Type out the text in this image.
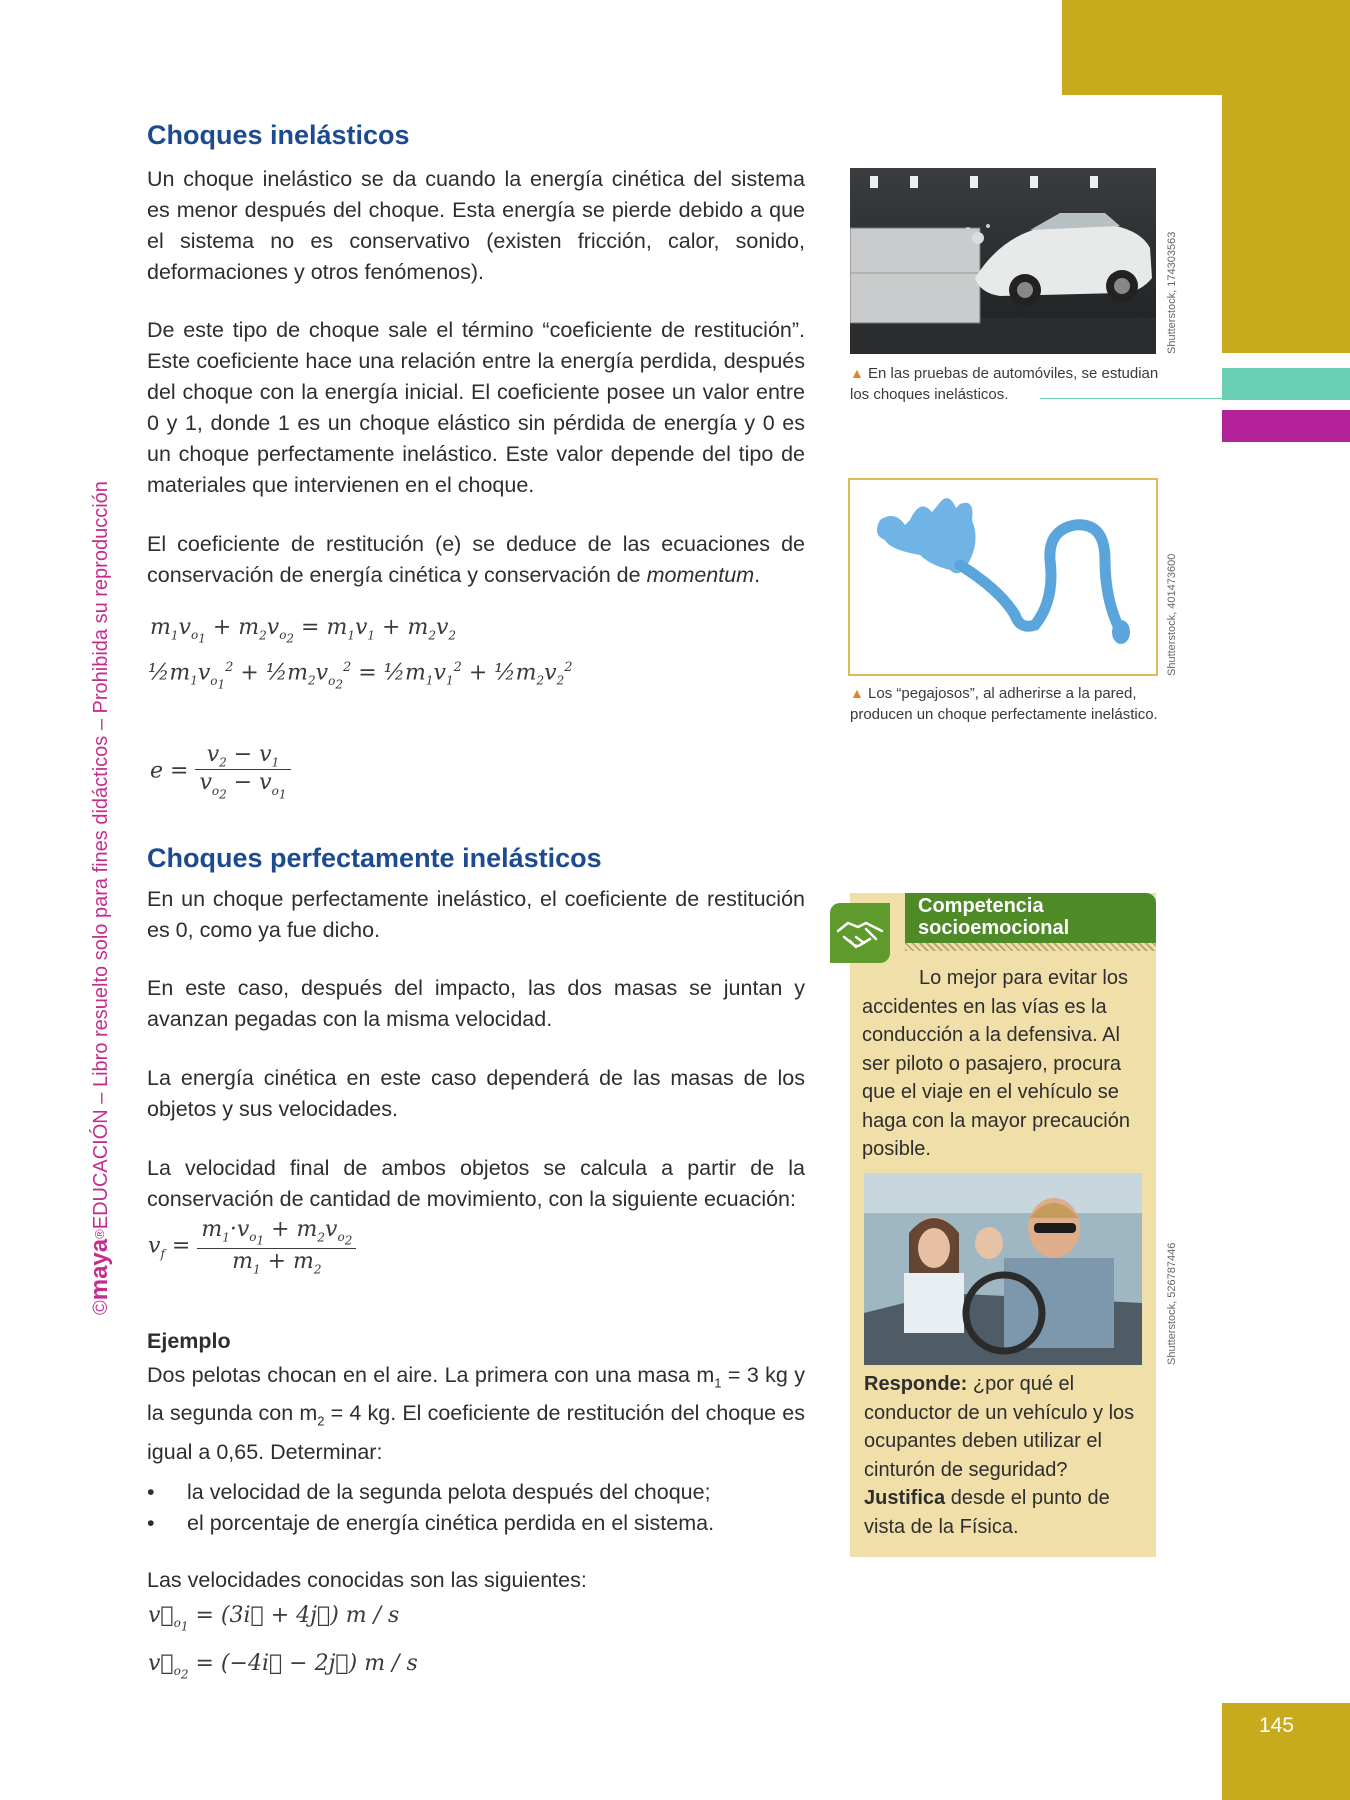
145
©maya®EDUCACIÓN – Libro resuelto solo para fines didácticos – Prohibida su reproducción
Choques inelásticos

Un choque inelástico se da cuando la energía cinética del sistema es menor después del choque. Esta energía se pierde debido a que el sistema no es conservativo (existen fricción, calor, sonido, deformaciones y otros fenómenos).

De este tipo de choque sale el término “coeficiente de restitución”. Este coeficiente hace una relación entre la energía perdida, después del choque con la energía inicial. El coeficiente posee un valor entre 0 y 1, donde 1 es un choque elástico sin pérdida de energía y 0 es un choque perfectamente inelástico. Este valor depende del tipo de materiales que intervienen en el choque.

El coeficiente de restitución (e) se deduce de las ecuaciones de conservación de energía cinética y conservación de momentum.

$m_1v_{o_1} + m_2v_{o_2} = m_1v_1 + m_2v_2$
$\frac{1}{2}m_1v_{o_1}^2$ + $\frac{1}{2}m_2v_{o_2}^2$ = $\frac{1}{2}m_1v_1^2$ + $\frac{1}{2}m_2v_2^2$
$e = \frac{v_2 - v_1}{v_{o_2} - v_{o_1}}$
Choques perfectamente inelásticos

En un choque perfectamente inelástico, el coeficiente de restitución es 0, como ya fue dicho.

En este caso, después del impacto, las dos masas se juntan y avanzan pegadas con la misma velocidad.

La energía cinética en este caso dependerá de las masas de los objetos y sus velocidades.

La velocidad final de ambos objetos se calcula a partir de la conservación de cantidad de movimiento, con la siguiente ecuación:

$v_f = \frac{m_1\cdot v_{o_1} + m_2v_{o_2}}{m_1 + m_2}$
Ejemplo

Dos pelotas chocan en el aire. La primera con una masa $m_1 = 3$ kg y la segunda con $m_2 = 4$ kg. El coeficiente de restitución del choque es igual a 0,65. Determinar:

• la velocidad de la segunda pelota después del choque;
• el porcentaje de energía cinética perdida en el sistema.

Las velocidades conocidas son las siguientes:

$v⃗_{o_1}$ = (3i⃗ + 4j⃗) m / s
$v⃗_{o_2}$ = (−4i⃗ − 2j⃗) m / s
Shutterstock, 174303563
▲ En las pruebas de automóviles, se estudian los choques inelásticos.
Shutterstock, 401473600
▲ Los “pegajosos”, al adherirse a la pared, producen un choque perfectamente inelástico.
Competencia
socioemocional
Lo mejor para evitar los accidentes en las vías es la conducción a la defensiva. Al ser piloto o pasajero, procura que el viaje en el vehículo se haga con la mayor precaución posible.
Shutterstock, 526787446
Responde: ¿por qué el conductor de un vehículo y los ocupantes deben utilizar el cinturón de seguridad? Justifica desde el punto de vista de la Física.
